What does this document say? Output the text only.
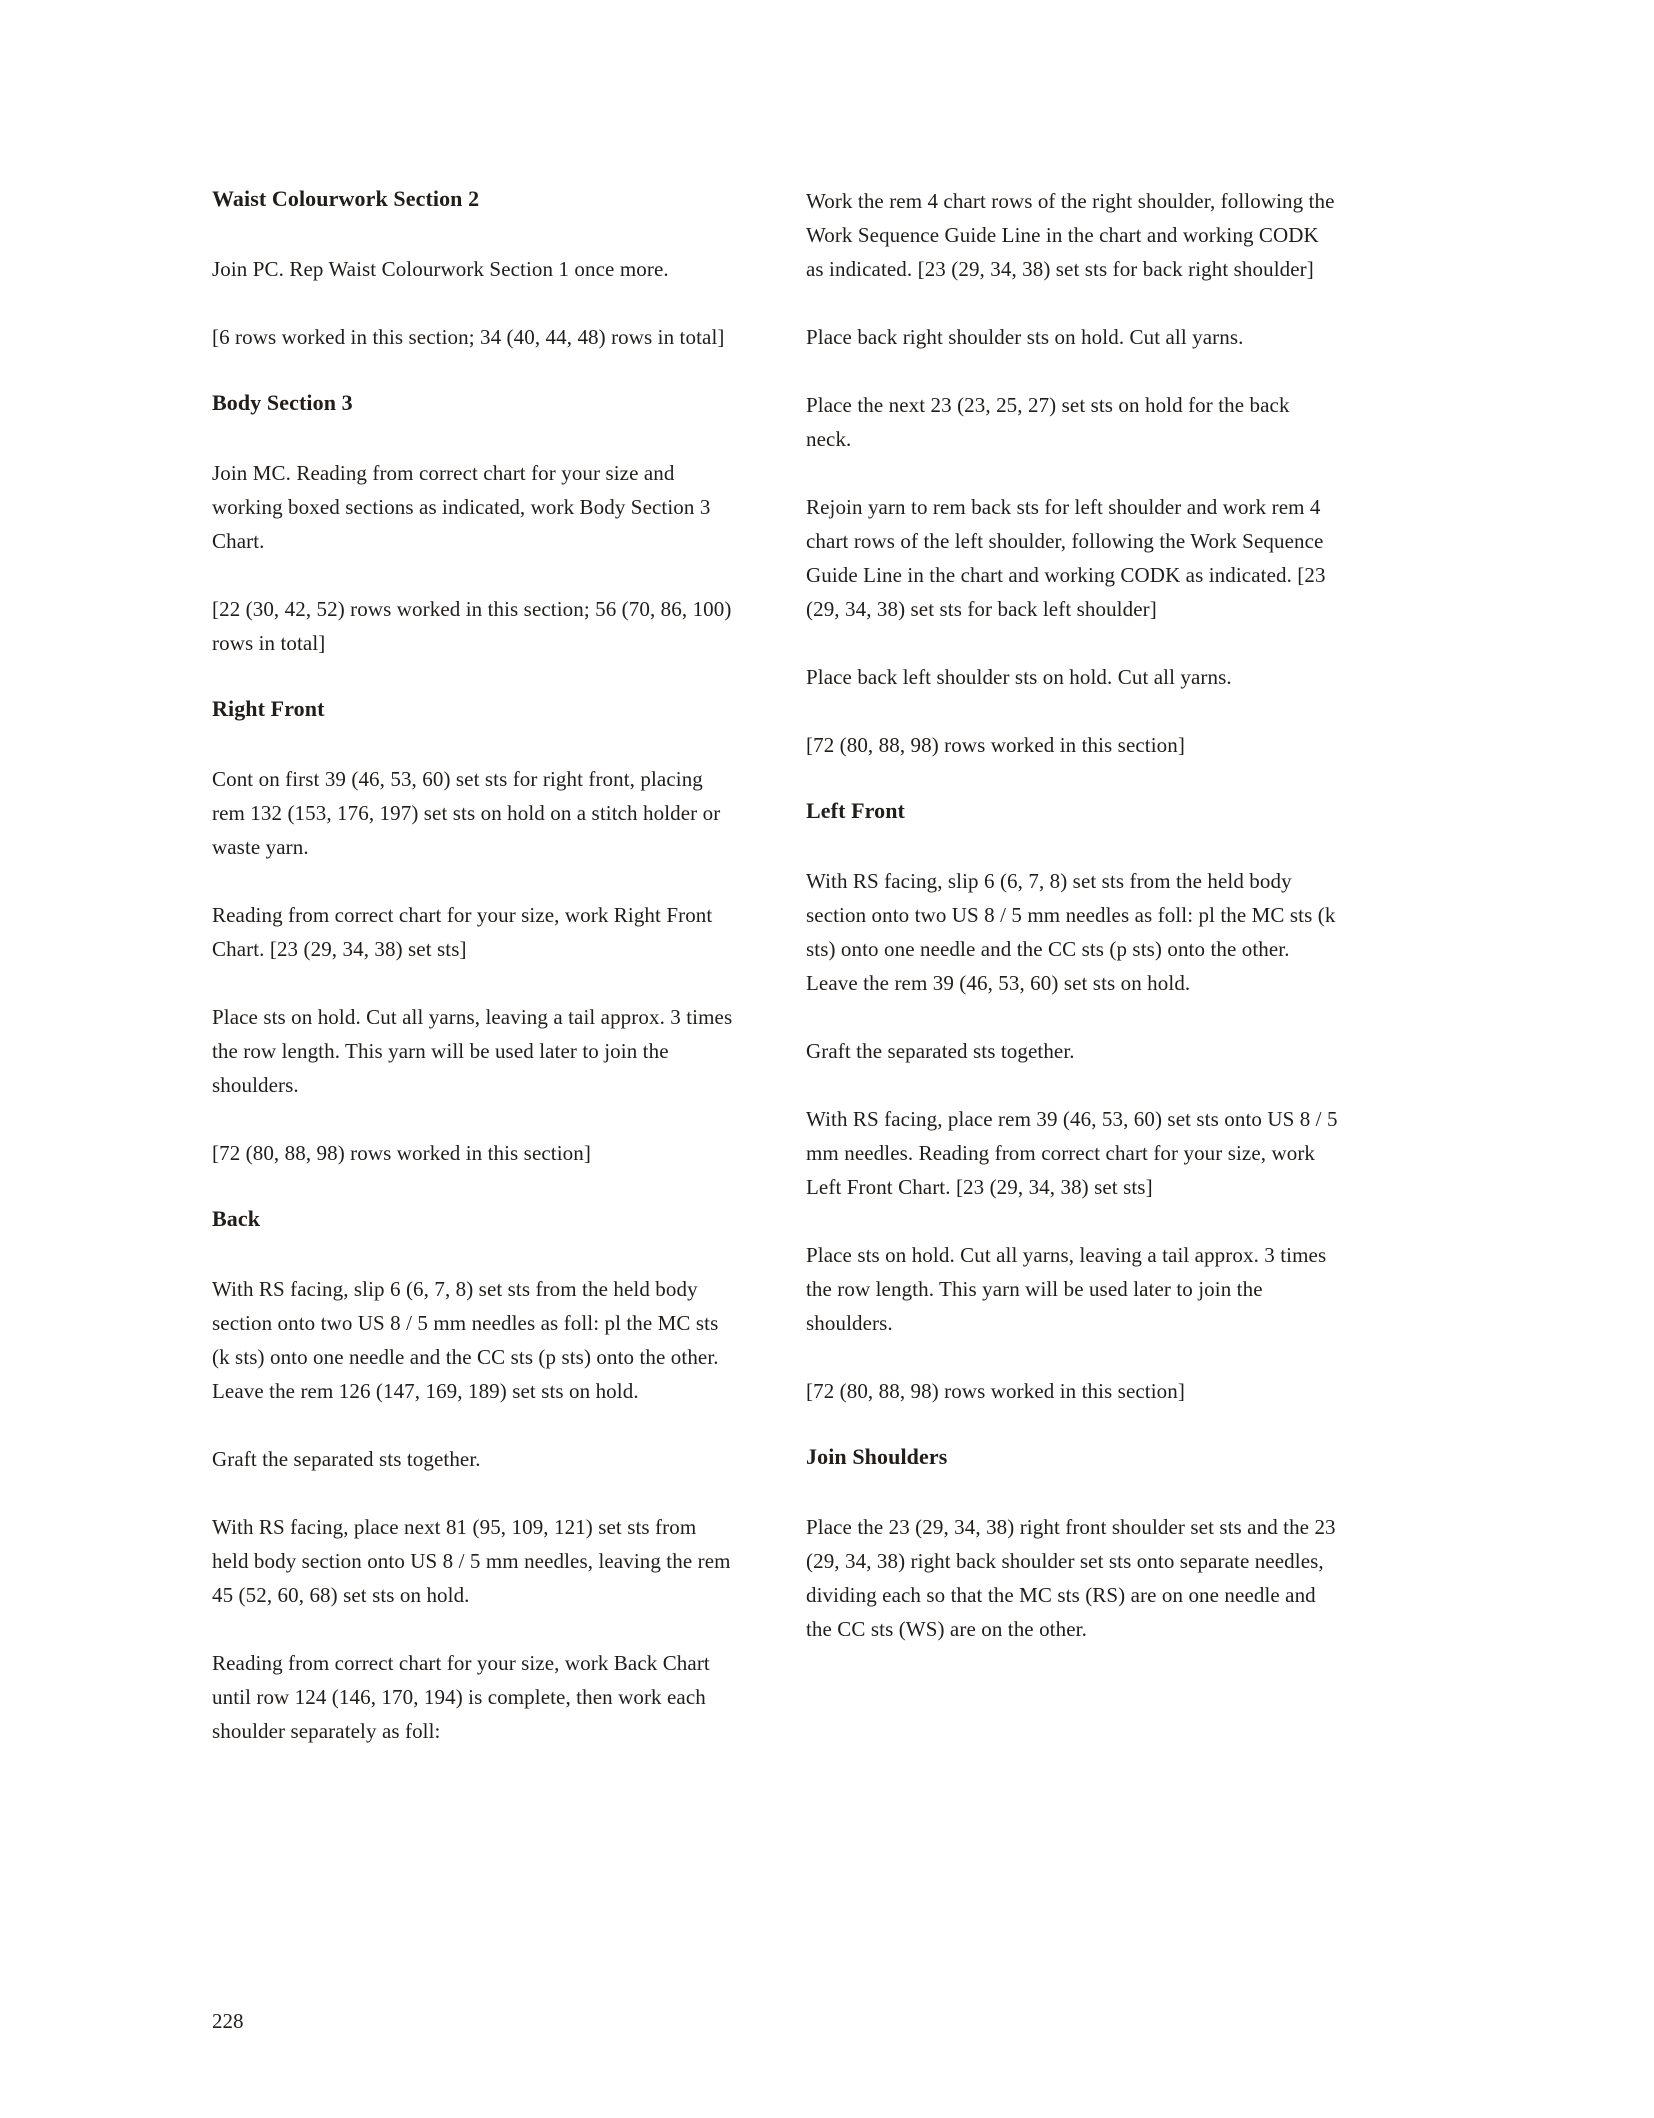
Waist Colourwork Section 2
Join PC. Rep Waist Colourwork Section 1 once more.
[6 rows worked in this section; 34 (40, 44, 48) rows in total]
Body Section 3
Join MC. Reading from correct chart for your size and working boxed sections as indicated, work Body Section 3 Chart.
[22 (30, 42, 52) rows worked in this section; 56 (70, 86, 100) rows in total]
Right Front
Cont on first 39 (46, 53, 60) set sts for right front, placing rem 132 (153, 176, 197) set sts on hold on a stitch holder or waste yarn.
Reading from correct chart for your size, work Right Front Chart. [23 (29, 34, 38) set sts]
Place sts on hold. Cut all yarns, leaving a tail approx. 3 times the row length. This yarn will be used later to join the shoulders.
[72 (80, 88, 98) rows worked in this section]
Back
With RS facing, slip 6 (6, 7, 8) set sts from the held body section onto two US 8 / 5 mm needles as foll: pl the MC sts (k sts) onto one needle and the CC sts (p sts) onto the other. Leave the rem 126 (147, 169, 189) set sts on hold.
Graft the separated sts together.
With RS facing, place next 81 (95, 109, 121) set sts from held body section onto US 8 / 5 mm needles, leaving the rem 45 (52, 60, 68) set sts on hold.
Reading from correct chart for your size, work Back Chart until row 124 (146, 170, 194) is complete, then work each shoulder separately as foll:
Work the rem 4 chart rows of the right shoulder, following the Work Sequence Guide Line in the chart and working CODK as indicated. [23 (29, 34, 38) set sts for back right shoulder]
Place back right shoulder sts on hold. Cut all yarns.
Place the next 23 (23, 25, 27) set sts on hold for the back neck.
Rejoin yarn to rem back sts for left shoulder and work rem 4 chart rows of the left shoulder, following the Work Sequence Guide Line in the chart and working CODK as indicated. [23 (29, 34, 38) set sts for back left shoulder]
Place back left shoulder sts on hold. Cut all yarns.
[72 (80, 88, 98) rows worked in this section]
Left Front
With RS facing, slip 6 (6, 7, 8) set sts from the held body section onto two US 8 / 5 mm needles as foll: pl the MC sts (k sts) onto one needle and the CC sts (p sts) onto the other. Leave the rem 39 (46, 53, 60) set sts on hold.
Graft the separated sts together.
With RS facing, place rem 39 (46, 53, 60) set sts onto US 8 / 5 mm needles. Reading from correct chart for your size, work Left Front Chart. [23 (29, 34, 38) set sts]
Place sts on hold. Cut all yarns, leaving a tail approx. 3 times the row length. This yarn will be used later to join the shoulders.
[72 (80, 88, 98) rows worked in this section]
Join Shoulders
Place the 23 (29, 34, 38) right front shoulder set sts and the 23 (29, 34, 38) right back shoulder set sts onto separate needles, dividing each so that the MC sts (RS) are on one needle and the CC sts (WS) are on the other.
228
